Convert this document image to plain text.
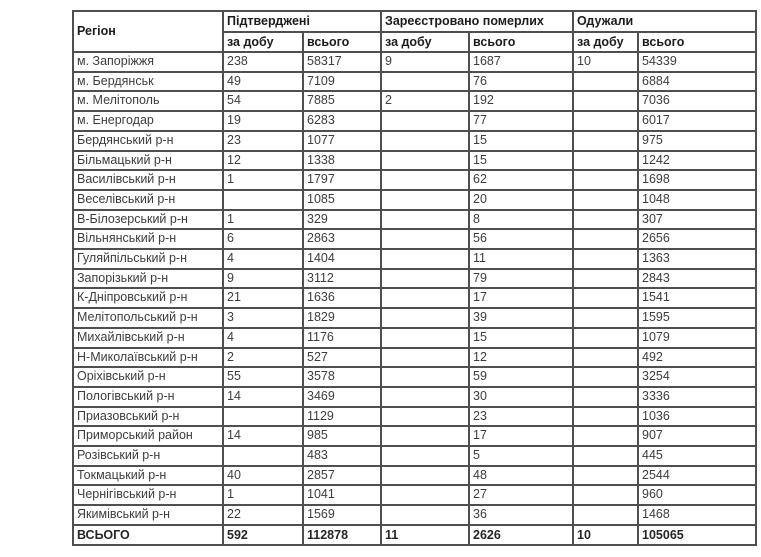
Регіон	Підтверджені		Зареєстровано померлих		Одужали	
	за добу	всього	за добу	всього	за добу	всього
м. Запоріжжя	238	58317	9	1687	10	54339
м. Бердянськ	49	7109		76		6884
м. Мелітополь	54	7885	2	192		7036
м. Енергодар	19	6283		77		6017
Бердянський р-н	23	1077		15		975
Більмацький р-н	12	1338		15		1242
Василівський р-н	1	1797		62		1698
Веселівський р-н		1085		20		1048
В-Білозерський р-н	1	329		8		307
Вільнянський р-н	6	2863		56		2656
Гуляйпільський р-н	4	1404		11		1363
Запорізький р-н	9	3112		79		2843
К-Дніпровський р-н	21	1636		17		1541
Мелітопольський р-н	3	1829		39		1595
Михайлівський р-н	4	1176		15		1079
Н-Миколаївський р-н	2	527		12		492
Оріхівський р-н	55	3578		59		3254
Пологівський р-н	14	3469		30		3336
Приазовський р-н		1129		23		1036
Приморський район	14	985		17		907
Розівський р-н		483		5		445
Токмацький р-н	40	2857		48		2544
Чернігівський р-н	1	1041		27		960
Якимівський р-н	22	1569		36		1468
ВСЬОГО	592	112878	11	2626	10	105065
